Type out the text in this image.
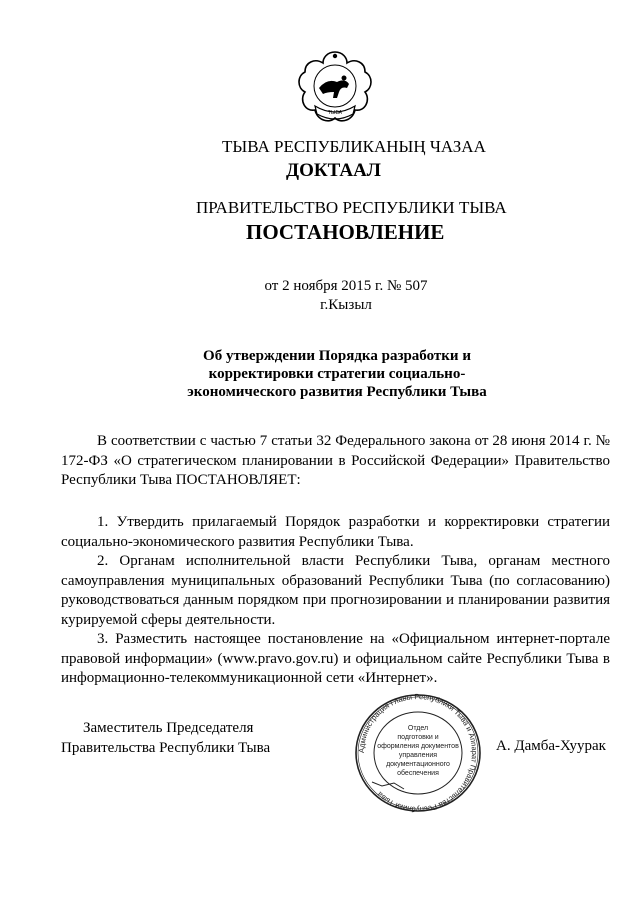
ТЫВА
ТЫВА РЕСПУБЛИКАНЫҢ ЧАЗАА
ДОКТААЛ
ПРАВИТЕЛЬСТВО РЕСПУБЛИКИ ТЫВА
ПОСТАНОВЛЕНИЕ
от 2 ноября 2015 г. № 507
г.Кызыл
Об утверждении Порядка разработки и
корректировки стратегии социально-
экономического развития Республики Тыва
В соответствии с частью 7 статьи 32 Федерального закона от 28 июня 2014 г. № 172-ФЗ «О стратегическом планировании в Российской Федерации» Правительство Республики Тыва ПОСТАНОВЛЯЕТ:

1. Утвердить прилагаемый Порядок разработки и корректировки стратегии социально-экономического развития Республики Тыва.

2. Органам исполнительной власти Республики Тыва, органам местного самоуправления муниципальных образований Республики Тыва (по согласованию) руководствоваться данным порядком при прогнозировании и планировании развития курируемой сферы деятельности.

3. Разместить настоящее постановление на «Официальном интернет-портале правовой информации» (www.pravo.gov.ru) и официальном сайте Республики Тыва в информационно-телекоммуникационной сети «Интернет».

Заместитель Председателя
Правительства Республики Тыва	Администрация Главы Республики Тыва и Аппарат Правительства Республики Тыва
Отдел
подготовки и
оформления документов
управления
документационного
обеспечения
А. Дамба-Хуурак
